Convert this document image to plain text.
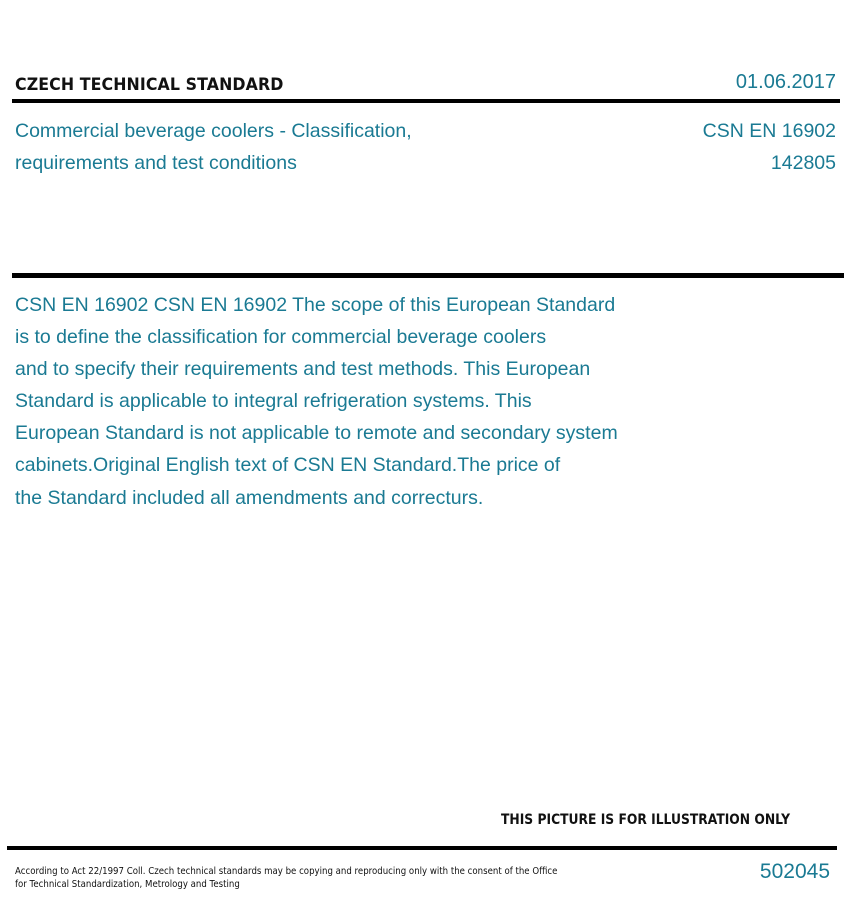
CZECH TECHNICAL STANDARD	01.06.2017
Commercial beverage coolers - Classification,
requirements and test conditions
CSN EN 16902
142805
CSN EN 16902 CSN EN 16902 The scope of this European Standard
is to define the classification for commercial beverage coolers
and to specify their requirements and test methods. This European
Standard is applicable to integral refrigeration systems. This
European Standard is not applicable to remote and secondary system
cabinets.Original English text of CSN EN Standard.The price of
the Standard included all amendments and correcturs.
THIS PICTURE IS FOR ILLUSTRATION ONLY
According to Act 22/1997 Coll. Czech technical standards may be copying and reproducing only with the consent of the Office
for Technical Standardization, Metrology and Testing
502045
